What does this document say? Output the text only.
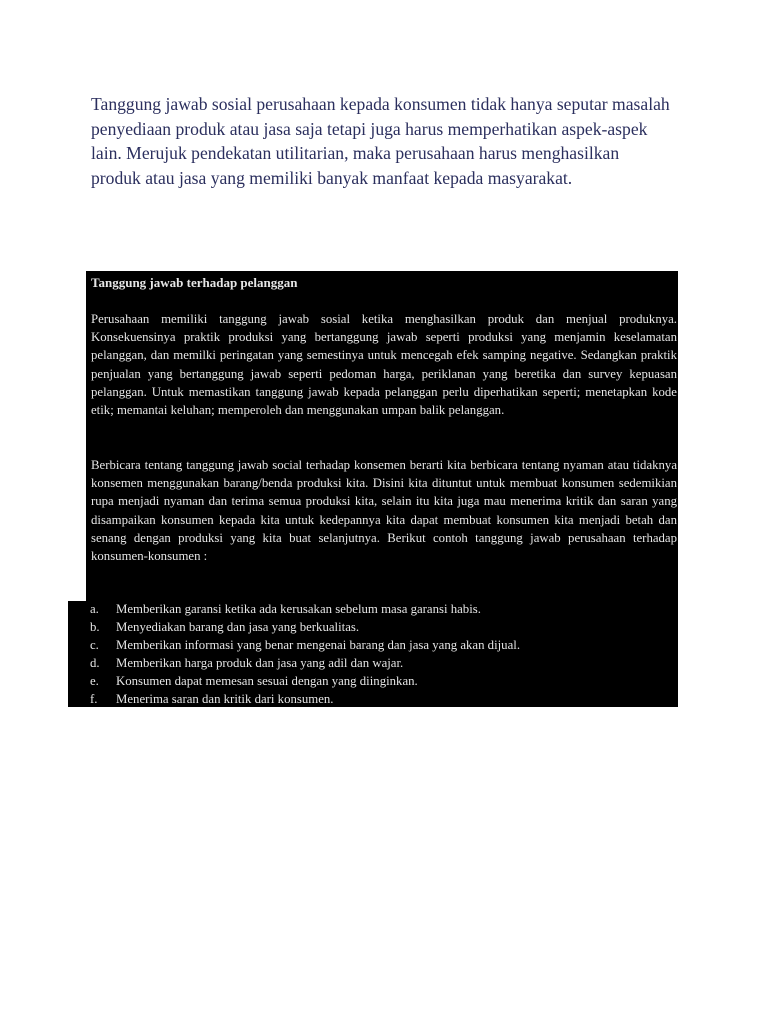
Tanggung jawab sosial perusahaan kepada konsumen tidak hanya seputar masalah penyediaan produk atau jasa saja tetapi juga harus memperhatikan aspek-aspek lain. Merujuk pendekatan utilitarian, maka perusahaan harus menghasilkan produk atau jasa yang memiliki banyak manfaat kepada masyarakat.

Tanggung jawab terhadap pelanggan

Perusahaan memiliki tanggung jawab sosial ketika menghasilkan produk dan menjual produknya. Konsekuensinya praktik produksi yang bertanggung jawab seperti produksi yang menjamin keselamatan pelanggan, dan memilki peringatan yang semestinya untuk mencegah efek samping negative. Sedangkan praktik penjualan yang bertanggung jawab seperti pedoman harga, periklanan yang beretika dan survey kepuasan pelanggan. Untuk memastikan tanggung jawab kepada pelanggan perlu diperhatikan seperti; menetapkan kode etik; memantai keluhan; memperoleh dan menggunakan umpan balik pelanggan.

Berbicara tentang tanggung jawab social terhadap konsemen berarti kita berbicara tentang nyaman atau tidaknya konsemen menggunakan barang/benda produksi kita. Disini kita dituntut untuk membuat konsumen sedemikian rupa menjadi nyaman dan terima semua produksi kita, selain itu kita juga mau menerima kritik dan saran yang disampaikan konsumen kepada kita untuk kedepannya kita dapat membuat konsumen kita menjadi betah dan senang dengan produksi yang kita buat selanjutnya. Berikut contoh tanggung jawab perusahaan terhadap konsumen-konsumen :

a.	Memberikan garansi ketika ada kerusakan sebelum masa garansi habis.
b.	Menyediakan barang dan jasa yang berkualitas.
c.	Memberikan informasi yang benar mengenai barang dan jasa yang akan dijual.
d.	Memberikan harga produk dan jasa yang adil dan wajar.
e.	Konsumen dapat memesan sesuai dengan yang diinginkan.
f.	Menerima saran dan kritik dari konsumen.
